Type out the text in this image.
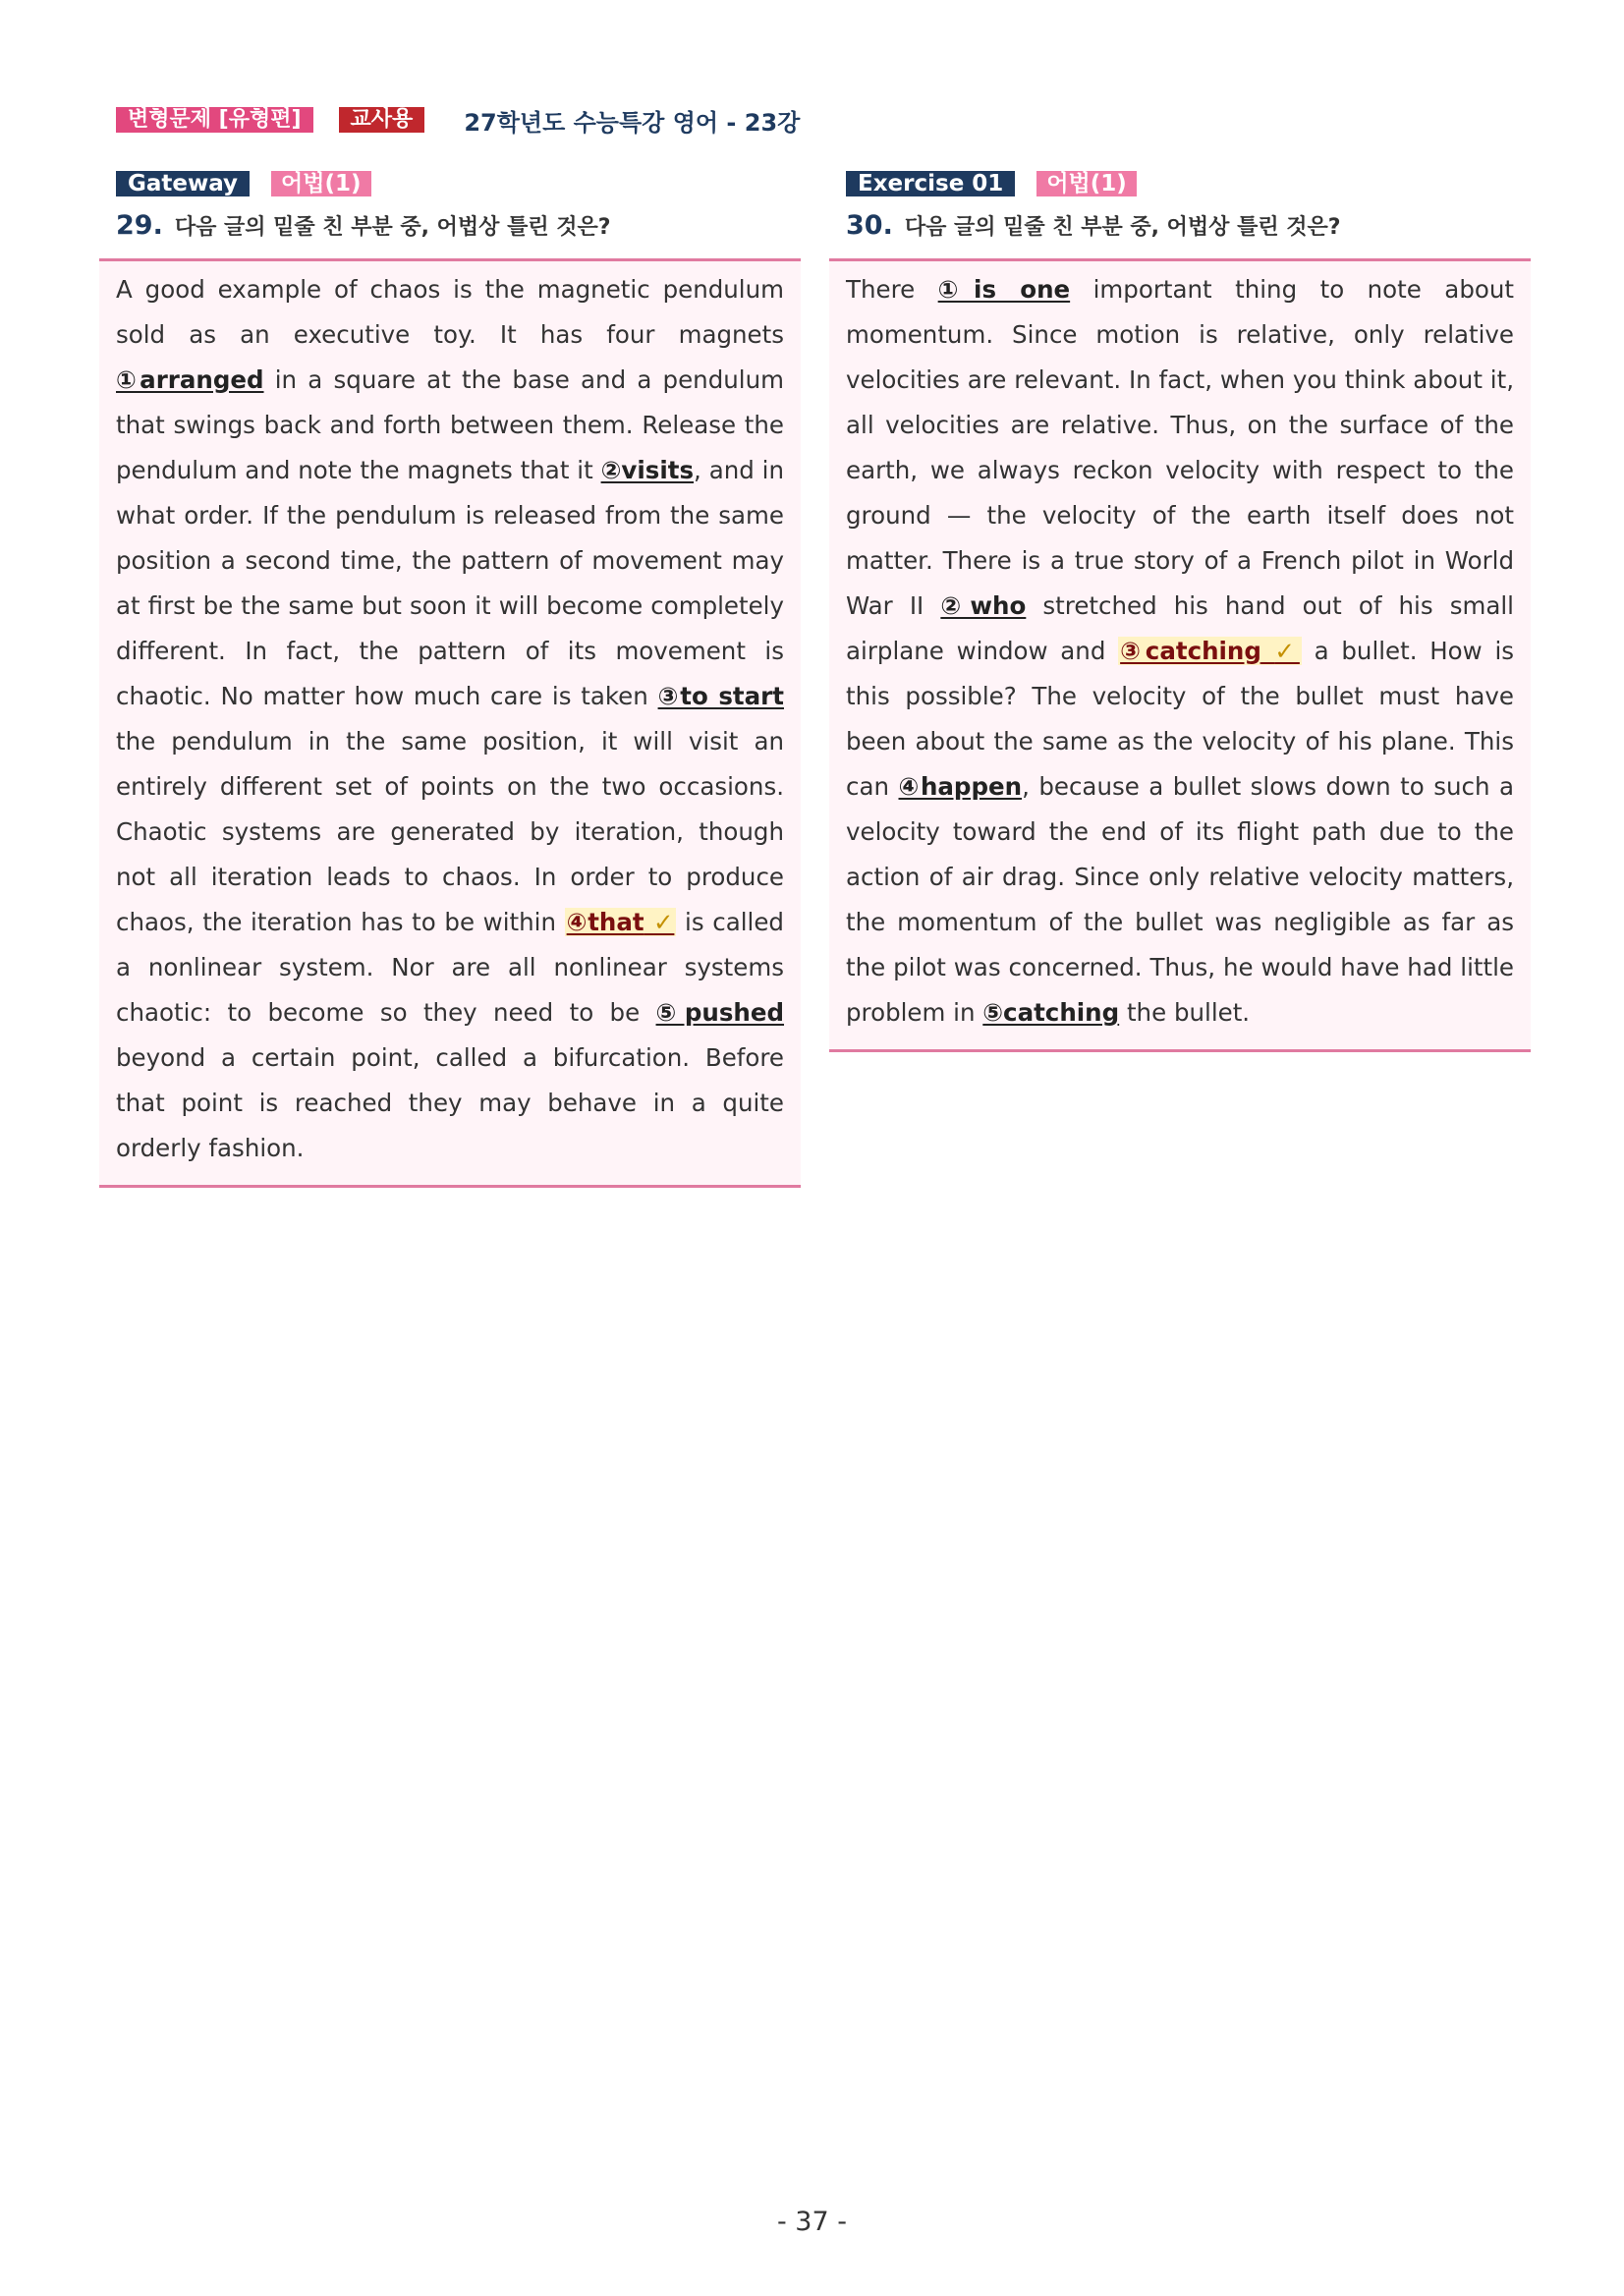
변형문제 [유형편]	교사용	27학년도 수능특강 영어 - 23강
Gateway	어법(1)
29. 다음 글의 밑줄 친 부분 중, 어법상 틀린 것은?
A good example of chaos is the magnetic pendulum sold as an executive toy. It has four magnets ①arranged in a square at the base and a pendulum that swings back and forth between them. Release the pendulum and note the magnets that it ②visits, and in what order. If the pendulum is released from the same position a second time, the pattern of movement may at first be the same but soon it will become completely different. In fact, the pattern of its movement is chaotic. No matter how much care is taken ③to start the pendulum in the same position, it will visit an entirely different set of points on the two occasions. Chaotic systems are generated by iteration, though not all iteration leads to chaos. In order to produce chaos, the iteration has to be within ④that ✓ is called a nonlinear system. Nor are all nonlinear systems chaotic: to become so they need to be ⑤pushed beyond a certain point, called a bifurcation. Before that point is reached they may behave in a quite orderly fashion.
Exercise 01	어법(1)
30. 다음 글의 밑줄 친 부분 중, 어법상 틀린 것은?
There ①is one important thing to note about momentum. Since motion is relative, only relative velocities are relevant. In fact, when you think about it, all velocities are relative. Thus, on the surface of the earth, we always reckon velocity with respect to the ground — the velocity of the earth itself does not matter. There is a true story of a French pilot in World War II ②who stretched his hand out of his small airplane window and ③catching ✓ a bullet. How is this possible? The velocity of the bullet must have been about the same as the velocity of his plane. This can ④happen, because a bullet slows down to such a velocity toward the end of its flight path due to the action of air drag. Since only relative velocity matters, the momentum of the bullet was negligible as far as the pilot was concerned. Thus, he would have had little problem in ⑤catching the bullet.
- 37 -
